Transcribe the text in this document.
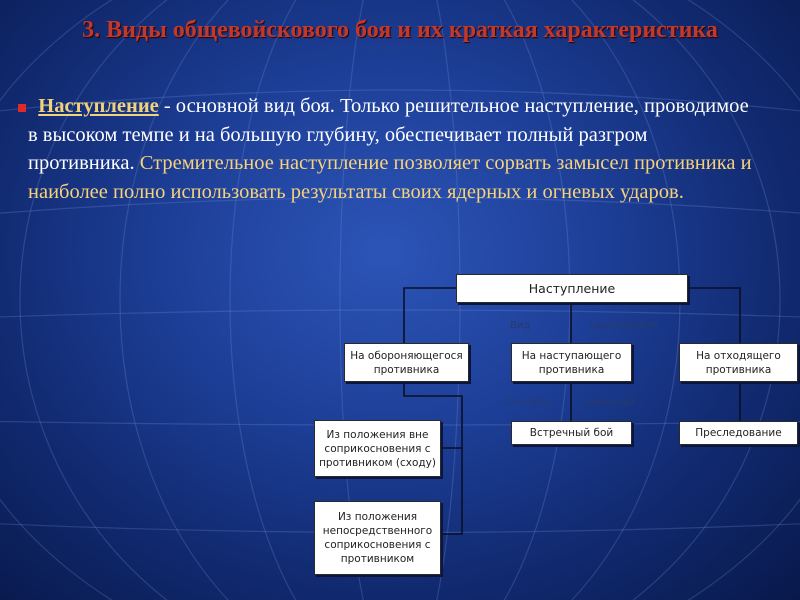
3. Виды общевойскового боя и их краткая характеристика
Наступление - основной вид боя. Только решительное наступление, проводимое в высоком темпе и на большую глубину, обеспечивает полный разгром противника. Стремительное наступление позволяет сорвать замысел противника и наиболее полно использовать результаты своих ядерных и огневых ударов.
Вид	наступления
Способы	перехода
Наступление
На обороняющегося противника
На наступающего противника
На отходящего противника
Из положения вне соприкосновения с противником (сходу)
Из положения непосредственного соприкосновения с противником
Встречный бой	Преследование
